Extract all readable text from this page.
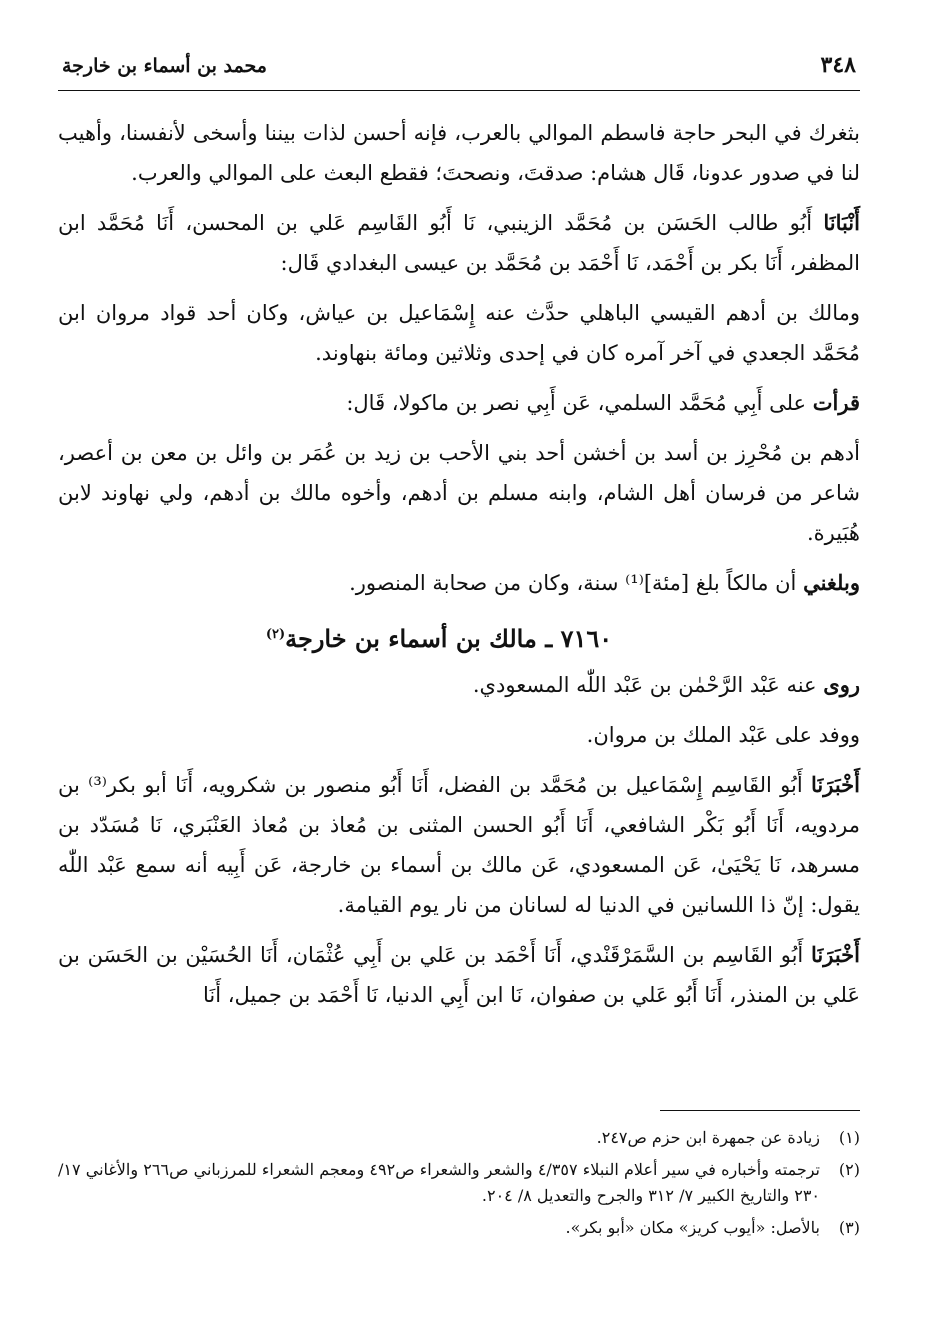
٣٤٨
محمد بن أسماء بن خارجة

بثغرك في البحر حاجة فاسطم الموالي بالعرب، فإنه أحسن لذات بيننا وأسخى لأنفسنا، وأهيب لنا في صدور عدونا، قَال هشام: صدقتَ، ونصحتَ؛ فقطع البعث على الموالي والعرب.

أَنْبَانَا أَبُو طالب الحَسَن بن مُحَمَّد الزينبي، نَا أَبُو القَاسِم عَلي بن المحسن، أَنَا مُحَمَّد ابن المظفر، أَنَا بكر بن أَحْمَد، نَا أَحْمَد بن مُحَمَّد بن عيسى البغدادي قَال:

ومالك بن أدهم القيسي الباهلي حدَّث عنه إِسْمَاعيل بن عياش، وكان أحد قواد مروان ابن مُحَمَّد الجعدي في آخر آمره كان في إحدى وثلاثين ومائة بنهاوند.

قرأت على أَبِي مُحَمَّد السلمي، عَن أَبِي نصر بن ماكولا، قَال:

أدهم بن مُحْرِز بن أسد بن أخشن أحد بني الأحب بن زيد بن عُمَر بن وائل بن معن بن أعصر، شاعر من فرسان أهل الشام، وابنه مسلم بن أدهم، وأخوه مالك بن أدهم، ولي نهاوند لابن هُبَيرة.

وبلغني أن مالكاً بلغ [مئة]⁽¹⁾ سنة، وكان من صحابة المنصور.

٧١٦٠ ـ مالك بن أسماء بن خارجة$^{(٢)}$

روى عنه عَبْد الرَّحْمٰن بن عَبْد اللّٰه المسعودي.

ووفد على عَبْد الملك بن مروان.

أَخْبَرَنَا أَبُو القَاسِم إِسْمَاعيل بن مُحَمَّد بن الفضل، أَنَا أَبُو منصور بن شكرويه، أَنَا أبو بكر⁽³⁾ بن مردويه، أَنَا أَبُو بَكْر الشافعي، أَنَا أَبُو الحسن المثنى بن مُعاذ بن مُعاذ العَنْبَري، نَا مُسَدّد بن مسرهد، نَا يَحْيَىٰ، عَن المسعودي، عَن مالك بن أسماء بن خارجة، عَن أَبِيه أنه سمع عَبْد اللّٰه يقول: إنّ ذا اللسانين في الدنيا له لسانان من نار يوم القيامة.

أَخْبَرَنَا أَبُو القَاسِم بن السَّمَرْقَنْدي، أَنَا أَحْمَد بن عَلي بن أَبِي عُثْمَان، أَنَا الحُسَيْن بن الحَسَن بن عَلي بن المنذر، أَنَا أَبُو عَلي بن صفوان، نَا ابن أَبِي الدنيا، نَا أَحْمَد بن جميل، أَنَا

(١)
زيادة عن جمهرة ابن حزم ص٢٤٧.
(٢)
ترجمته وأخباره في سير أعلام النبلاء ٤/٣٥٧ والشعر والشعراء ص٤٩٢ ومعجم الشعراء للمرزباني ص٢٦٦ والأغاني ١٧/ ٢٣٠ والتاريخ الكبير ٧/ ٣١٢ والجرح والتعديل ٨/ ٢٠٤.
(٣)
بالأصل: «أيوب كريز» مكان «أبو بكر».
